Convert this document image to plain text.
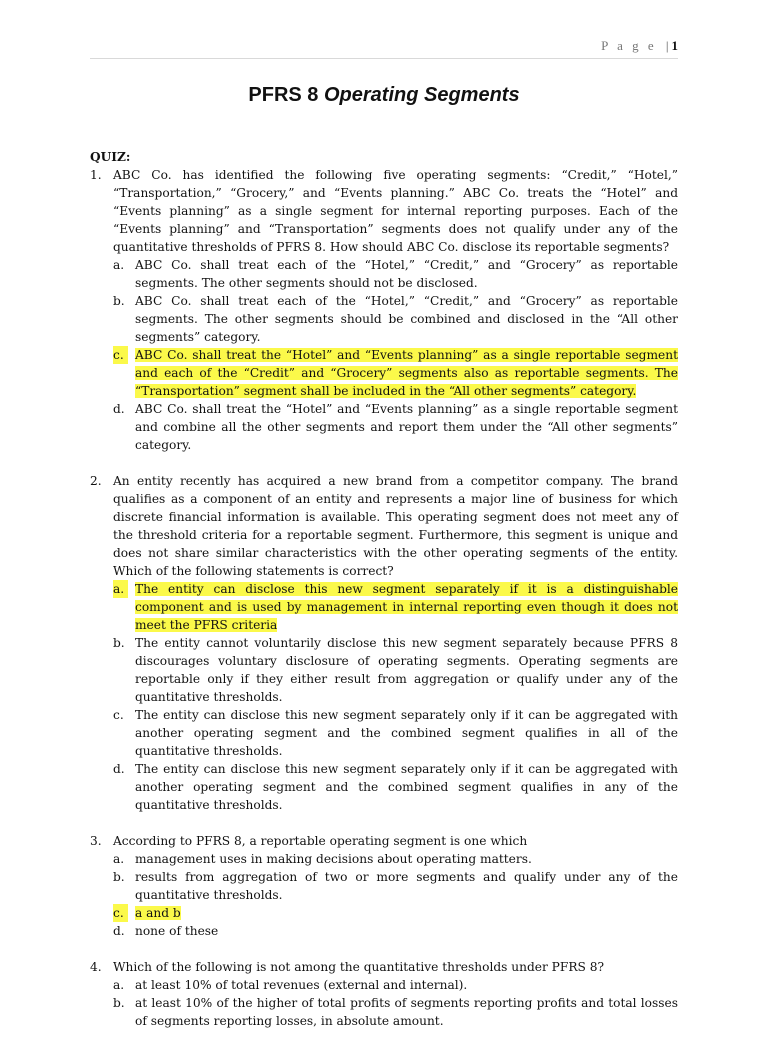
P a g e | 1
PFRS 8 Operating Segments
QUIZ:
1. ABC Co. has identified the following five operating segments: “Credit,” “Hotel,” “Transportation,” “Grocery,” and “Events planning.” ABC Co. treats the “Hotel” and “Events planning” as a single segment for internal reporting purposes. Each of the “Events planning” and “Transportation” segments does not qualify under any of the quantitative thresholds of PFRS 8. How should ABC Co. disclose its reportable segments?
a. ABC Co. shall treat each of the “Hotel,” “Credit,” and “Grocery” as reportable segments. The other segments should not be disclosed.
b. ABC Co. shall treat each of the “Hotel,” “Credit,” and “Grocery” as reportable segments. The other segments should be combined and disclosed in the “All other segments” category.
c. ABC Co. shall treat the “Hotel” and “Events planning” as a single reportable segment and each of the “Credit” and “Grocery” segments also as reportable segments. The “Transportation” segment shall be included in the “All other segments” category.
d. ABC Co. shall treat the “Hotel” and “Events planning” as a single reportable segment and combine all the other segments and report them under the “All other segments” category.
2. An entity recently has acquired a new brand from a competitor company. The brand qualifies as a component of an entity and represents a major line of business for which discrete financial information is available. This operating segment does not meet any of the threshold criteria for a reportable segment. Furthermore, this segment is unique and does not share similar characteristics with the other operating segments of the entity. Which of the following statements is correct?
a. The entity can disclose this new segment separately if it is a distinguishable component and is used by management in internal reporting even though it does not meet the PFRS criteria
b. The entity cannot voluntarily disclose this new segment separately because PFRS 8 discourages voluntary disclosure of operating segments. Operating segments are reportable only if they either result from aggregation or qualify under any of the quantitative thresholds.
c. The entity can disclose this new segment separately only if it can be aggregated with another operating segment and the combined segment qualifies in all of the quantitative thresholds.
d. The entity can disclose this new segment separately only if it can be aggregated with another operating segment and the combined segment qualifies in any of the quantitative thresholds.
3. According to PFRS 8, a reportable operating segment is one which
a. management uses in making decisions about operating matters.
b. results from aggregation of two or more segments and qualify under any of the quantitative thresholds.
c. a and b
d. none of these
4. Which of the following is not among the quantitative thresholds under PFRS 8?
a. at least 10% of total revenues (external and internal).
b. at least 10% of the higher of total profits of segments reporting profits and total losses of segments reporting losses, in absolute amount.
